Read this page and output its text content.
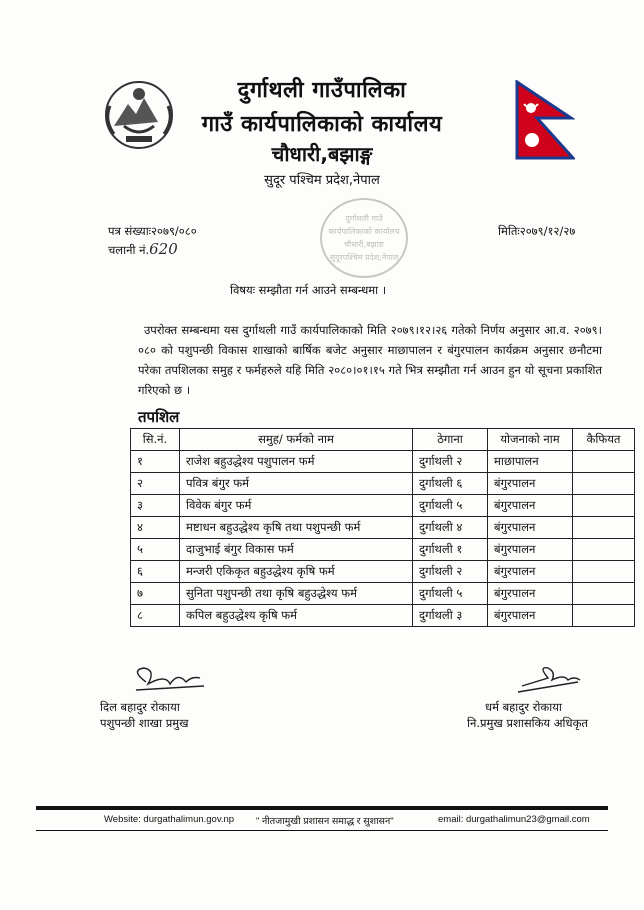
दुर्गाथली गाउँपालिका
गाउँ कार्यपालिकाको कार्यालय
चौधारी,बझाङ्ग
सुदूर पश्चिम प्रदेश,नेपाल
पत्र संख्याः२०७९/०८०
चलानी नं.620
मितिः२०७९/१२/२७
दुर्गाथली गाउँ
कार्यपालिकाको कार्यालय
चौधारी,बझाङ
सुदूरपश्चिम प्रदेश,नेपाल
विषयः सम्झौता गर्न आउने सम्बन्धमा ।
उपरोक्त सम्बन्धमा यस दुर्गाथली गाउँ कार्यपालिकाको मिति २०७९।१२।२६ गतेको निर्णय अनुसार आ.व. २०७९।०८० को पशुपन्छी विकास शाखाको बार्षिक बजेट अनुसार माछापालन र बंगुरपालन कार्यक्रम अनुसार छनौटमा परेका तपशिलका समुह र फर्महरुले यहि मिति २०८०।०१।१५ गते भित्र सम्झौता गर्न आउन हुन यो सूचना प्रकाशित गरिएको छ ।
तपशिल
सि.नं.	समुह/ फर्मको नाम	ठेगाना	योजनाको नाम	कैफियत
१	राजेश बहुउद्धेश्य पशुपालन फर्म	दुर्गाथली २	माछापालन	
२	पवित्र बंगुर फर्म	दुर्गाथली ६	बंगुरपालन	
३	विवेक बंगुर फर्म	दुर्गाथली ५	बंगुरपालन	
४	मष्टाधन बहुउद्धेश्य कृषि तथा पशुपन्छी फर्म	दुर्गाथली ४	बंगुरपालन	
५	दाजुभाई बंगुर विकास फर्म	दुर्गाथली १	बंगुरपालन	
६	मन्जरी एकिकृत बहुउद्धेश्य कृषि फर्म	दुर्गाथली २	बंगुरपालन	
७	सुनिता पशुपन्छी तथा कृषि बहुउद्धेश्य फर्म	दुर्गाथली ५	बंगुरपालन	
८	कपिल बहुउद्धेश्य कृषि फर्म	दुर्गाथली ३	बंगुरपालन	
दिल बहादुर रोकाया
पशुपन्छी शाखा प्रमुख
धर्म बहादुर रोकाया
नि.प्रमुख प्रशासकिय अधिकृत
Website: durgathalimun.gov.np " नीतजामुखी प्रशासन समाद्ध र सुशासन"	email: durgathalimun23@gmail.com
